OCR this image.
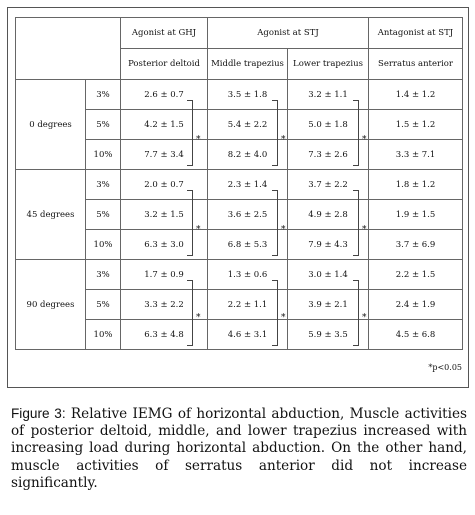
		Agonist at GHJ	Agonist at STJ		Antagonist at STJ
		Posterior deltoid	Middle trapezius	Lower trapezius	Serratus anterior
0 degrees	3%	2.6 ± 0.7	3.5 ± 1.8	3.2 ± 1.1	1.4 ± 1.2
	5%	4.2 ± 1.5	5.4 ± 2.2	5.0 ± 1.8	1.5 ± 1.2
	10%	7.7 ± 3.4	8.2 ± 4.0	7.3 ± 2.6	3.3 ± 7.1
45 degrees	3%	2.0 ± 0.7	2.3 ± 1.4	3.7 ± 2.2	1.8 ± 1.2
	5%	3.2 ± 1.5	3.6 ± 2.5	4.9 ± 2.8	1.9 ± 1.5
	10%	6.3 ± 3.0	6.8 ± 5.3	7.9 ± 4.3	3.7 ± 6.9
90 degrees	3%	1.7 ± 0.9	1.3 ± 0.6	3.0 ± 1.4	2.2 ± 1.5
	5%	3.3 ± 2.2	2.2 ± 1.1	3.9 ± 2.1	2.4 ± 1.9
	10%	6.3 ± 4.8	4.6 ± 3.1	5.9 ± 3.5	4.5 ± 6.8

*	*	*
*	*	*
*	*	*
*p<0.05
Figure 3: Relative IEMG of horizontal abduction, Muscle activities of posterior deltoid, middle, and lower trapezius increased with increasing load during horizontal abduction. On the other hand, muscle activities of serratus anterior did not increase significantly.
